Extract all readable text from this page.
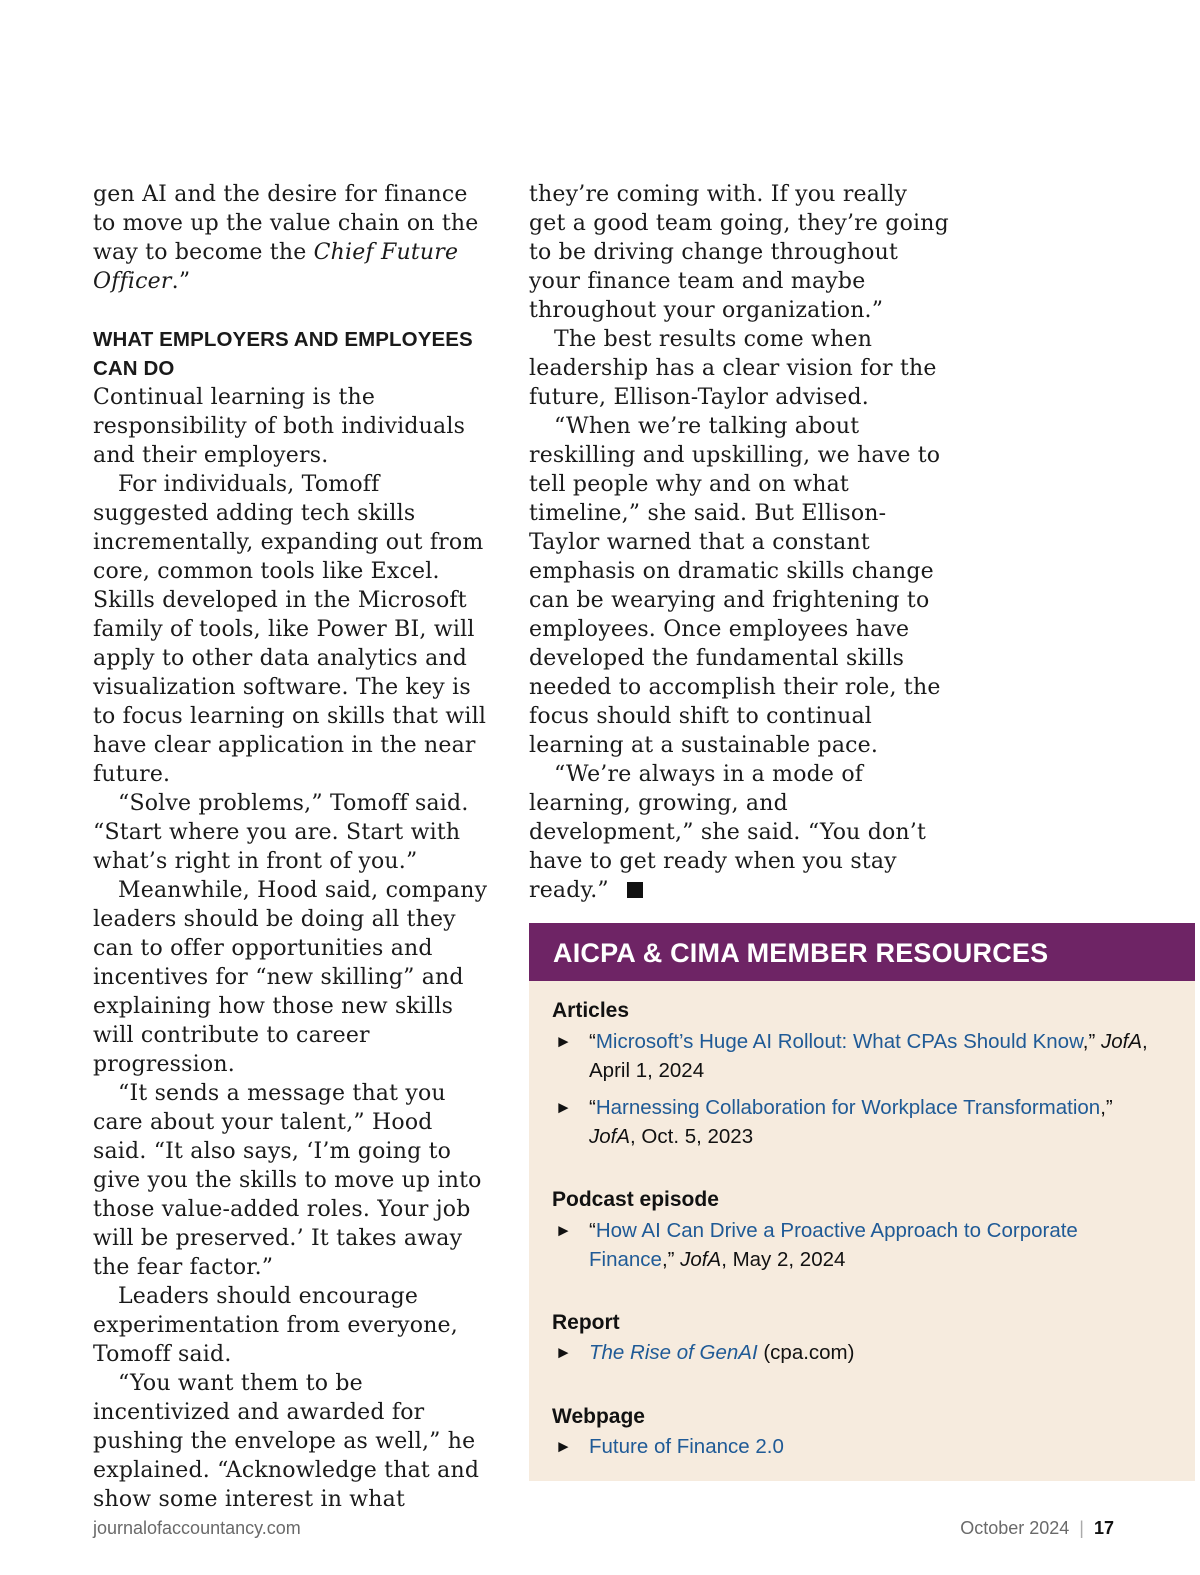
gen AI and the desire for finance to move up the value chain on the way to become the Chief Future Officer.”

WHAT EMPLOYERS AND EMPLOYEES CAN DO

Continual learning is the responsibility of both individuals and their employers.

For individuals, Tomoff suggested adding tech skills incrementally, expanding out from core, common tools like Excel. Skills developed in the Microsoft family of tools, like Power BI, will apply to other data analytics and visualization software. The key is to focus learning on skills that will have clear application in the near future.

“Solve problems,” Tomoff said. “Start where you are. Start with what’s right in front of you.”

Meanwhile, Hood said, company leaders should be doing all they can to offer opportunities and incentives for “new skilling” and explaining how those new skills will contribute to career progression.

“It sends a message that you care about your talent,” Hood said. “It also says, ‘I’m going to give you the skills to move up into those value-added roles. Your job will be preserved.’ It takes away the fear factor.”

Leaders should encourage experimentation from everyone, Tomoff said.

“You want them to be incentivized and awarded for pushing the envelope as well,” he explained. “Acknowledge that and show some interest in what

they’re coming with. If you really get a good team going, they’re going to be driving change throughout your finance team and maybe throughout your organization.”

The best results come when leadership has a clear vision for the future, Ellison-Taylor advised.

“When we’re talking about reskilling and upskilling, we have to tell people why and on what timeline,” she said. But Ellison-Taylor warned that a constant emphasis on dramatic skills change can be wearying and frightening to employees. Once employees have developed the fundamental skills needed to accomplish their role, the focus should shift to continual learning at a sustainable pace.

“We’re always in a mode of learning, growing, and development,” she said. “You don’t have to get ready when you stay ready.”

AICPA & CIMA MEMBER RESOURCES
Articles
► “Microsoft’s Huge AI Rollout: What CPAs Should Know,” JofA, April 1, 2024
► “Harnessing Collaboration for Workplace Transformation,” JofA, Oct. 5, 2023
Podcast episode
► “How AI Can Drive a Proactive Approach to Corporate Finance,” JofA, May 2, 2024
Report
► The Rise of GenAI (cpa.com)
Webpage
► Future of Finance 2.0
journalofaccountancy.com	October 2024 | 17
